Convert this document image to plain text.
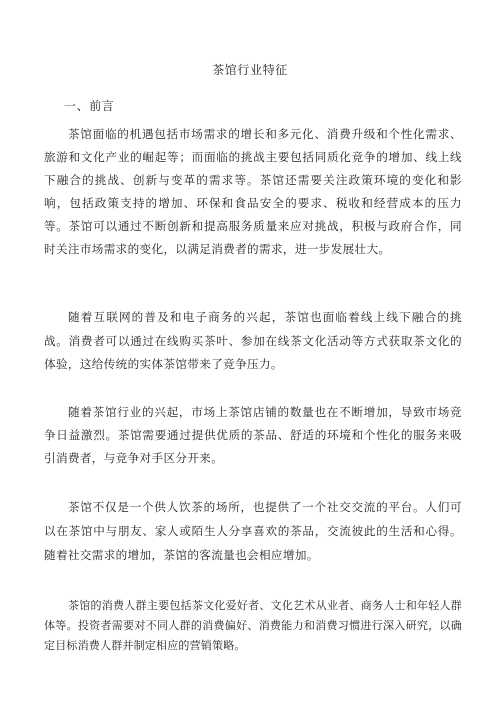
茶馆行业特征
一、前言

茶馆面临的机遇包括市场需求的增长和多元化、消费升级和个性化需求、旅游和文化产业的崛起等；而面临的挑战主要包括同质化竞争的增加、线上线下融合的挑战、创新与变革的需求等。茶馆还需要关注政策环境的变化和影响，包括政策支持的增加、环保和食品安全的要求、税收和经营成本的压力等。茶馆可以通过不断创新和提高服务质量来应对挑战，积极与政府合作，同时关注市场需求的变化，以满足消费者的需求，进一步发展壮大。

随着互联网的普及和电子商务的兴起，茶馆也面临着线上线下融合的挑战。消费者可以通过在线购买茶叶、参加在线茶文化活动等方式获取茶文化的体验，这给传统的实体茶馆带来了竞争压力。

随着茶馆行业的兴起，市场上茶馆店铺的数量也在不断增加，导致市场竞争日益激烈。茶馆需要通过提供优质的茶品、舒适的环境和个性化的服务来吸引消费者，与竞争对手区分开来。

茶馆不仅是一个供人饮茶的场所，也提供了一个社交交流的平台。人们可以在茶馆中与朋友、家人或陌生人分享喜欢的茶品，交流彼此的生活和心得。随着社交需求的增加，茶馆的客流量也会相应增加。

茶馆的消费人群主要包括茶文化爱好者、文化艺术从业者、商务人士和年轻人群体等。投资者需要对不同人群的消费偏好、消费能力和消费习惯进行深入研究，以确定目标消费人群并制定相应的营销策略。
